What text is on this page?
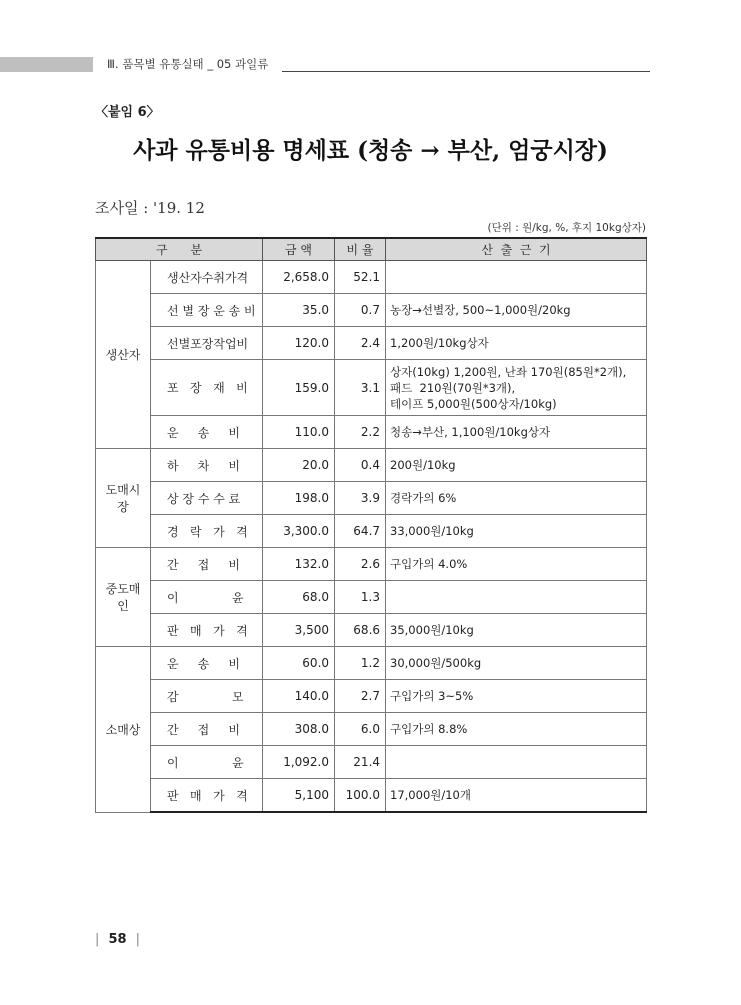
Ⅲ. 품목별 유통실태 _ 05 과일류
〈붙임 6〉
사과 유통비용 명세표 (청송 → 부산, 엄궁시장)
조사일 : '19. 12
(단위 : 원/kg, %, 후지 10kg상자)
구      분		금 액	비 율	산  출  근  기
생산자	생산자수취가격	2,658.0	52.1	
	선 별 장 운 송 비	35.0	0.7	농장→선별장, 500~1,000원/20kg
	선별포장작업비	120.0	2.4	1,200원/10kg상자
	포   장   재   비	159.0	3.1	상자(10kg) 1,200원, 난좌 170원(85원*2개),
패드  210원(70원*3개),
테이프 5,000원(500상자/10kg)
	운     송     비	110.0	2.2	청송→부산, 1,100원/10kg상자
도매시장	하     차     비	20.0	0.4	200원/10kg
	상 장 수 수 료	198.0	3.9	경락가의 6%
	경   락   가   격	3,300.0	64.7	33,000원/10kg
중도매인	간     접     비	132.0	2.6	구입가의 4.0%
	이              윤	68.0	1.3	
	판   매   가   격	3,500	68.6	35,000원/10kg
소매상	운     송     비	60.0	1.2	30,000원/500kg
	감              모	140.0	2.7	구입가의 3~5%
	간     접     비	308.0	6.0	구입가의 8.8%
	이              윤	1,092.0	21.4	
	판   매   가   격	5,100	100.0	17,000원/10개
| 58 |
